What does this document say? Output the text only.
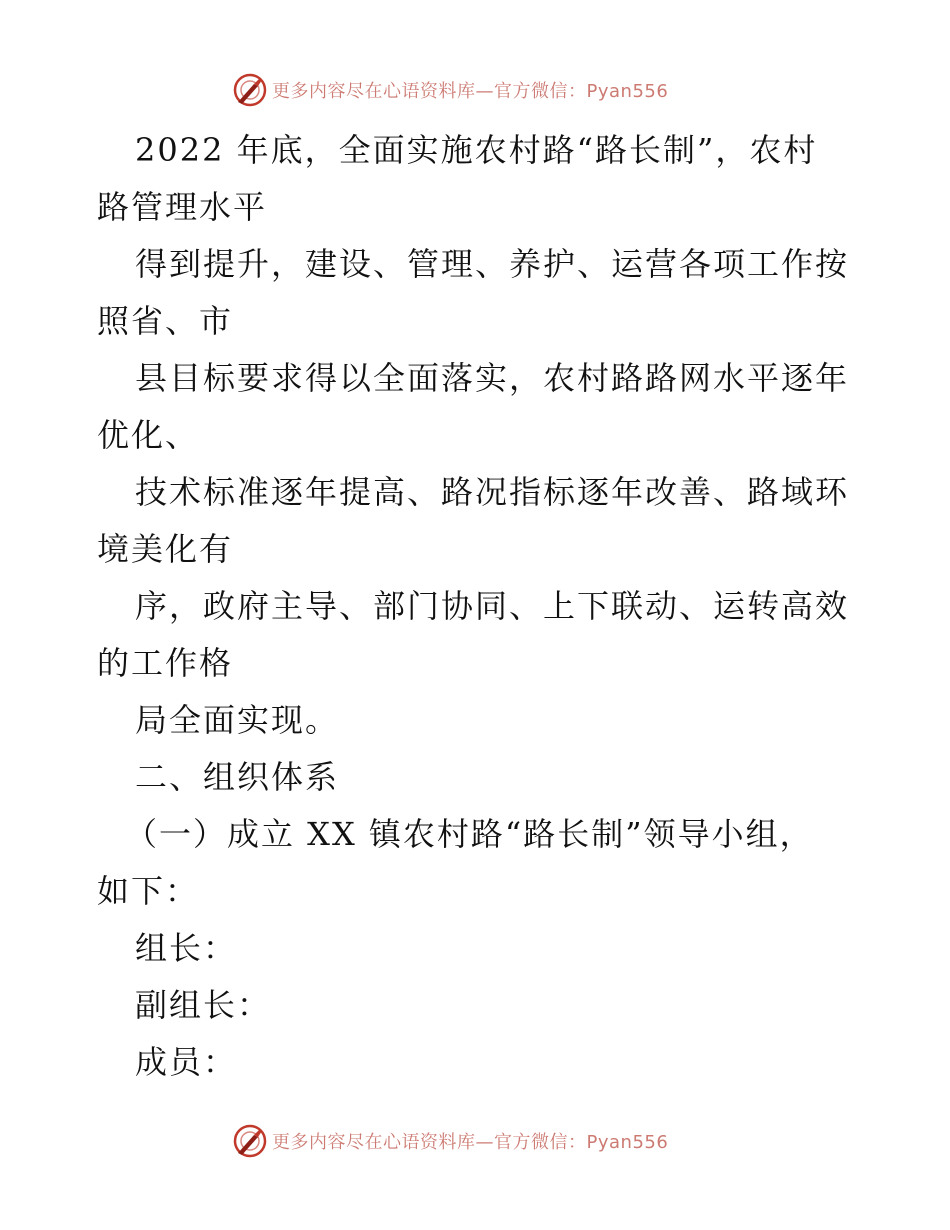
更多内容尽在心语资料库—官方微信：Pyan556
2022 年底，全面实施农村路“路长制”，农村
路管理水平
得到提升，建设、管理、养护、运营各项工作按
照省、市
县目标要求得以全面落实，农村路路网水平逐年
优化、
技术标准逐年提高、路况指标逐年改善、路域环
境美化有
序，政府主导、部门协同、上下联动、运转高效
的工作格
局全面实现。
二、组织体系
（一）成立 XX 镇农村路“路长制”领导小组，
如下：
组长：
副组长：
成员：
更多内容尽在心语资料库—官方微信：Pyan556
